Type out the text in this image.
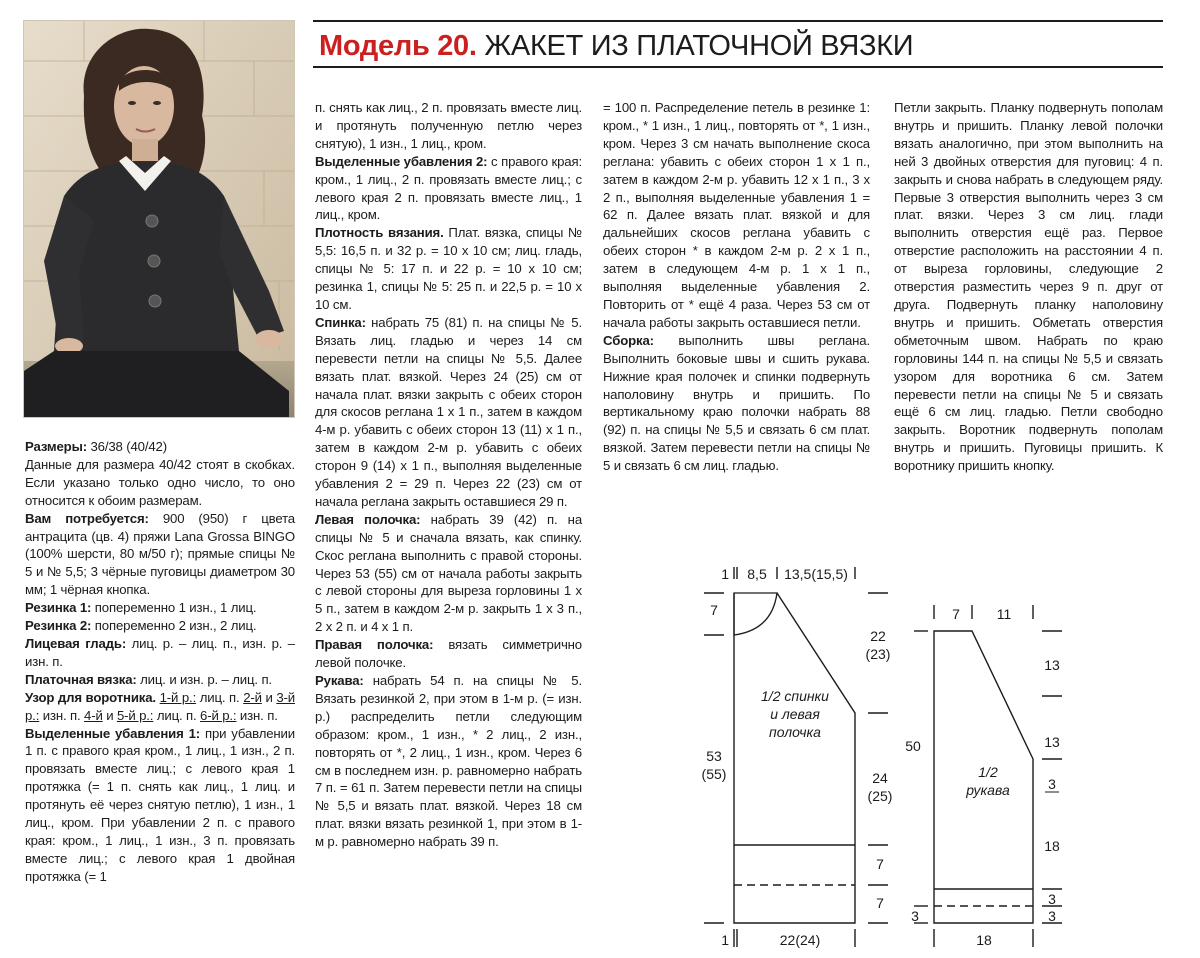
Модель 20. ЖАКЕТ ИЗ ПЛАТОЧНОЙ ВЯЗКИ

Размеры: 36/38 (40/42)

Данные для размера 40/42 стоят в скобках. Если указано только одно число, то оно относится к обоим размерам.

Вам потребуется: 900 (950) г цвета антрацита (цв. 4) пряжи Lana Grossa BINGO (100% шерсти, 80 м/50 г); прямые спицы № 5 и № 5,5; 3 чёрные пуговицы диаметром 30 мм; 1 чёрная кнопка.

Резинка 1: попеременно 1 изн., 1 лиц.

Резинка 2: попеременно 2 изн., 2 лиц.

Лицевая гладь: лиц. р. – лиц. п., изн. р. – изн. п.

Платочная вязка: лиц. и изн. р. – лиц. п.

Узор для воротника. 1-й р.: лиц. п. 2-й и 3-й р.: изн. п. 4-й и 5-й р.: лиц. п. 6-й р.: изн. п.

Выделенные убавления 1: при убавлении 1 п. с правого края кром., 1 лиц., 1 изн., 2 п. провязать вместе лиц.; с левого края 1 протяжка (= 1 п. снять как лиц., 1 лиц. и протянуть её через снятую петлю), 1 изн., 1 лиц., кром. При убавлении 2 п. с правого края: кром., 1 лиц., 1 изн., 3 п. провязать вместе лиц.; с левого края 1 двойная протяжка (= 1

п. снять как лиц., 2 п. провязать вместе лиц. и протянуть полученную петлю через снятую), 1 изн., 1 лиц., кром.

Выделенные убавления 2: с правого края: кром., 1 лиц., 2 п. провязать вместе лиц.; с левого края 2 п. провязать вместе лиц., 1 лиц., кром.

Плотность вязания. Плат. вязка, спицы № 5,5: 16,5 п. и 32 р. = 10 х 10 см; лиц. гладь, спицы № 5: 17 п. и 22 р. = 10 х 10 см; резинка 1, спицы № 5: 25 п. и 22,5 р. = 10 х 10 см.

Спинка: набрать 75 (81) п. на спицы № 5. Вязать лиц. гладью и через 14 см перевести петли на спицы № 5,5. Далее вязать плат. вязкой. Через 24 (25) см от начала плат. вязки закрыть с обеих сторон для скосов реглана 1 х 1 п., затем в каждом 4-м р. убавить с обеих сторон 13 (11) х 1 п., затем в каждом 2-м р. убавить с обеих сторон 9 (14) х 1 п., выполняя выделенные убавления 2 = 29 п. Через 22 (23) см от начала реглана закрыть оставшиеся 29 п.

Левая полочка: набрать 39 (42) п. на спицы № 5 и сначала вязать, как спинку. Скос реглана выполнить с правой стороны. Через 53 (55) см от начала работы закрыть с левой стороны для выреза горловины 1 х 5 п., затем в каждом 2-м р. закрыть 1 х 3 п., 2 х 2 п. и 4 х 1 п.

Правая полочка: вязать симметрично левой полочке.

Рукава: набрать 54 п. на спицы № 5. Вязать резинкой 2, при этом в 1-м р. (= изн. р.) распределить петли следующим образом: кром., 1 изн., * 2 лиц., 2 изн., повторять от *, 2 лиц., 1 изн., кром. Через 6 см в последнем изн. р. равномерно набрать 7 п. = 61 п. Затем перевести петли на спицы № 5,5 и вязать плат. вязкой. Через 18 см плат. вязки вязать резинкой 1, при этом в 1-м р. равномерно набрать 39 п.

= 100 п. Распределение петель в резинке 1: кром., * 1 изн., 1 лиц., повторять от *, 1 изн., кром. Через 3 см начать выполнение скоса реглана: убавить с обеих сторон 1 х 1 п., затем в каждом 2-м р. убавить 12 х 1 п., 3 х 2 п., выполняя выделенные убавления 1 = 62 п. Далее вязать плат. вязкой и для дальнейших скосов реглана убавить с обеих сторон * в каждом 2-м р. 2 х 1 п., затем в следующем 4-м р. 1 х 1 п., выполняя выделенные убавления 2. Повторить от * ещё 4 раза. Через 53 см от начала работы закрыть оставшиеся петли.

Сборка: выполнить швы реглана. Выполнить боковые швы и сшить рукава. Нижние края полочек и спинки подвернуть наполовину внутрь и пришить. По вертикальному краю полочки набрать 88 (92) п. на спицы № 5,5 и связать 6 см плат. вязкой. Затем перевести петли на спицы № 5 и связать 6 см лиц. гладью.

Петли закрыть. Планку подвернуть пополам внутрь и пришить. Планку левой полочки вязать аналогично, при этом выполнить на ней 3 двойных отверстия для пуговиц: 4 п. закрыть и снова набрать в следующем ряду. Первые 3 отверстия выполнить через 3 см плат. вязки. Через 3 см лиц. глади выполнить отверстия ещё раз. Первое отверстие расположить на расстоянии 4 п. от выреза горловины, следующие 2 отверстия разместить через 9 п. друг от друга. Подвернуть планку наполовину внутрь и пришить. Обметать отверстия обметочным швом. Набрать по краю горловины 144 п. на спицы № 5,5 и связать узором для воротника 6 см. Затем перевести петли на спицы № 5 и связать ещё 6 см лиц. гладью. Петли свободно закрыть. Воротник подвернуть пополам внутрь и пришить. Пуговицы пришить. К воротнику пришить кнопку.

1/2 спинки
и левая
полочка
1 8,5 13,5(15,5)
7
53
(55)
22
(23)
24
(25)
7
7
1	22(24)
1/2
рукава
7	11
50
3
13
13
3
18
3
3
18
